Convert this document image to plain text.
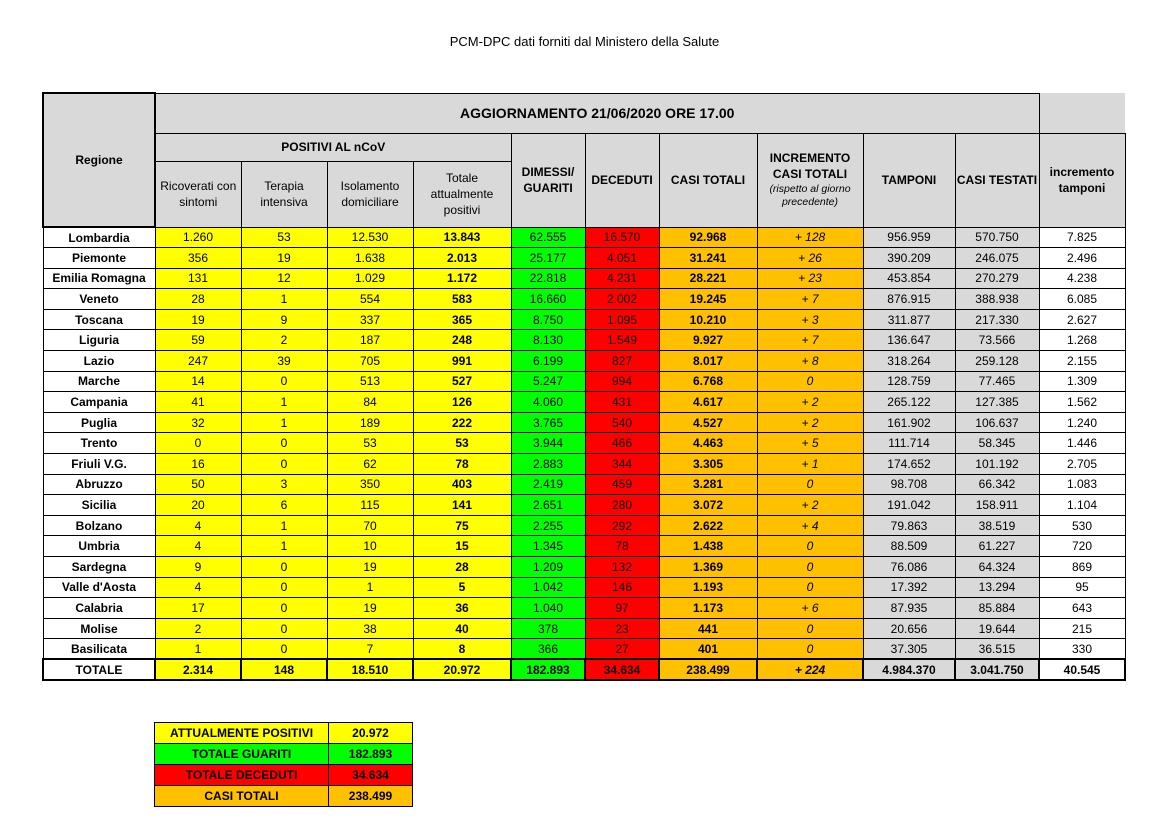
PCM-DPC dati forniti dal Ministero della Salute
Regione	AGGIORNAMENTO 21/06/2020 ORE 17.00										
	POSITIVI AL nCoV				DIMESSI/ GUARITI	DECEDUTI	CASI TOTALI	INCREMENTO CASI TOTALI
(rispetto al giorno precedente)	TAMPONI	CASI TESTATI	incremento tamponi
	Ricoverati con sintomi	Terapia intensiva	Isolamento domiciliare	Totale attualmente positivi							
Lombardia	1.260	53	12.530	13.843	62.555	16.570	92.968	+ 128	956.959	570.750	7.825
Piemonte	356	19	1.638	2.013	25.177	4.051	31.241	+ 26	390.209	246.075	2.496
Emilia Romagna	131	12	1.029	1.172	22.818	4.231	28.221	+ 23	453.854	270.279	4.238
Veneto	28	1	554	583	16.660	2.002	19.245	+ 7	876.915	388.938	6.085
Toscana	19	9	337	365	8.750	1.095	10.210	+ 3	311.877	217.330	2.627
Liguria	59	2	187	248	8.130	1.549	9.927	+ 7	136.647	73.566	1.268
Lazio	247	39	705	991	6.199	827	8.017	+ 8	318.264	259.128	2.155
Marche	14	0	513	527	5.247	994	6.768	0	128.759	77.465	1.309
Campania	41	1	84	126	4.060	431	4.617	+ 2	265.122	127.385	1.562
Puglia	32	1	189	222	3.765	540	4.527	+ 2	161.902	106.637	1.240
Trento	0	0	53	53	3.944	466	4.463	+ 5	111.714	58.345	1.446
Friuli V.G.	16	0	62	78	2.883	344	3.305	+ 1	174.652	101.192	2.705
Abruzzo	50	3	350	403	2.419	459	3.281	0	98.708	66.342	1.083
Sicilia	20	6	115	141	2.651	280	3.072	+ 2	191.042	158.911	1.104
Bolzano	4	1	70	75	2.255	292	2.622	+ 4	79.863	38.519	530
Umbria	4	1	10	15	1.345	78	1.438	0	88.509	61.227	720
Sardegna	9	0	19	28	1.209	132	1.369	0	76.086	64.324	869
Valle d'Aosta	4	0	1	5	1.042	146	1.193	0	17.392	13.294	95
Calabria	17	0	19	36	1.040	97	1.173	+ 6	87.935	85.884	643
Molise	2	0	38	40	378	23	441	0	20.656	19.644	215
Basilicata	1	0	7	8	366	27	401	0	37.305	36.515	330
TOTALE	2.314	148	18.510	20.972	182.893	34.634	238.499	+ 224	4.984.370	3.041.750	40.545
ATTUALMENTE POSITIVI	20.972
TOTALE GUARITI	182.893
TOTALE DECEDUTI	34.634
CASI TOTALI	238.499
